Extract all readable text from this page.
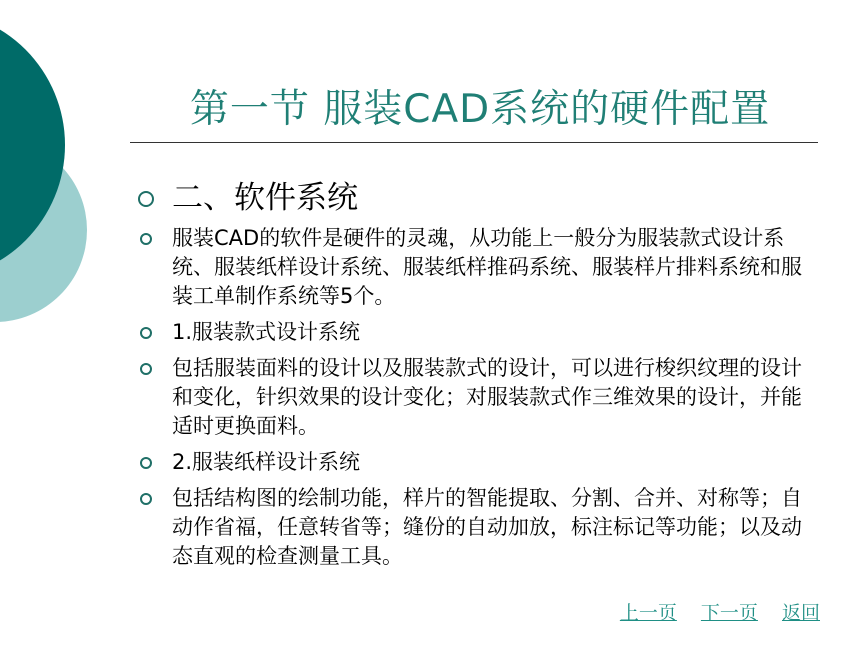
第一节 服装CAD系统的硬件配置
二、软件系统
服装CAD的软件是硬件的灵魂，从功能上一般分为服装款式设计系统、服装纸样设计系统、服装纸样推码系统、服装样片排料系统和服装工单制作系统等5个。
1.服装款式设计系统
包括服装面料的设计以及服装款式的设计，可以进行梭织纹理的设计和变化，针织效果的设计变化；对服装款式作三维效果的设计，并能适时更换面料。
2.服装纸样设计系统
包括结构图的绘制功能，样片的智能提取、分割、合并、对称等；自动作省福，任意转省等；缝份的自动加放，标注标记等功能；以及动态直观的检查测量工具。
上一页 下一页 返回
